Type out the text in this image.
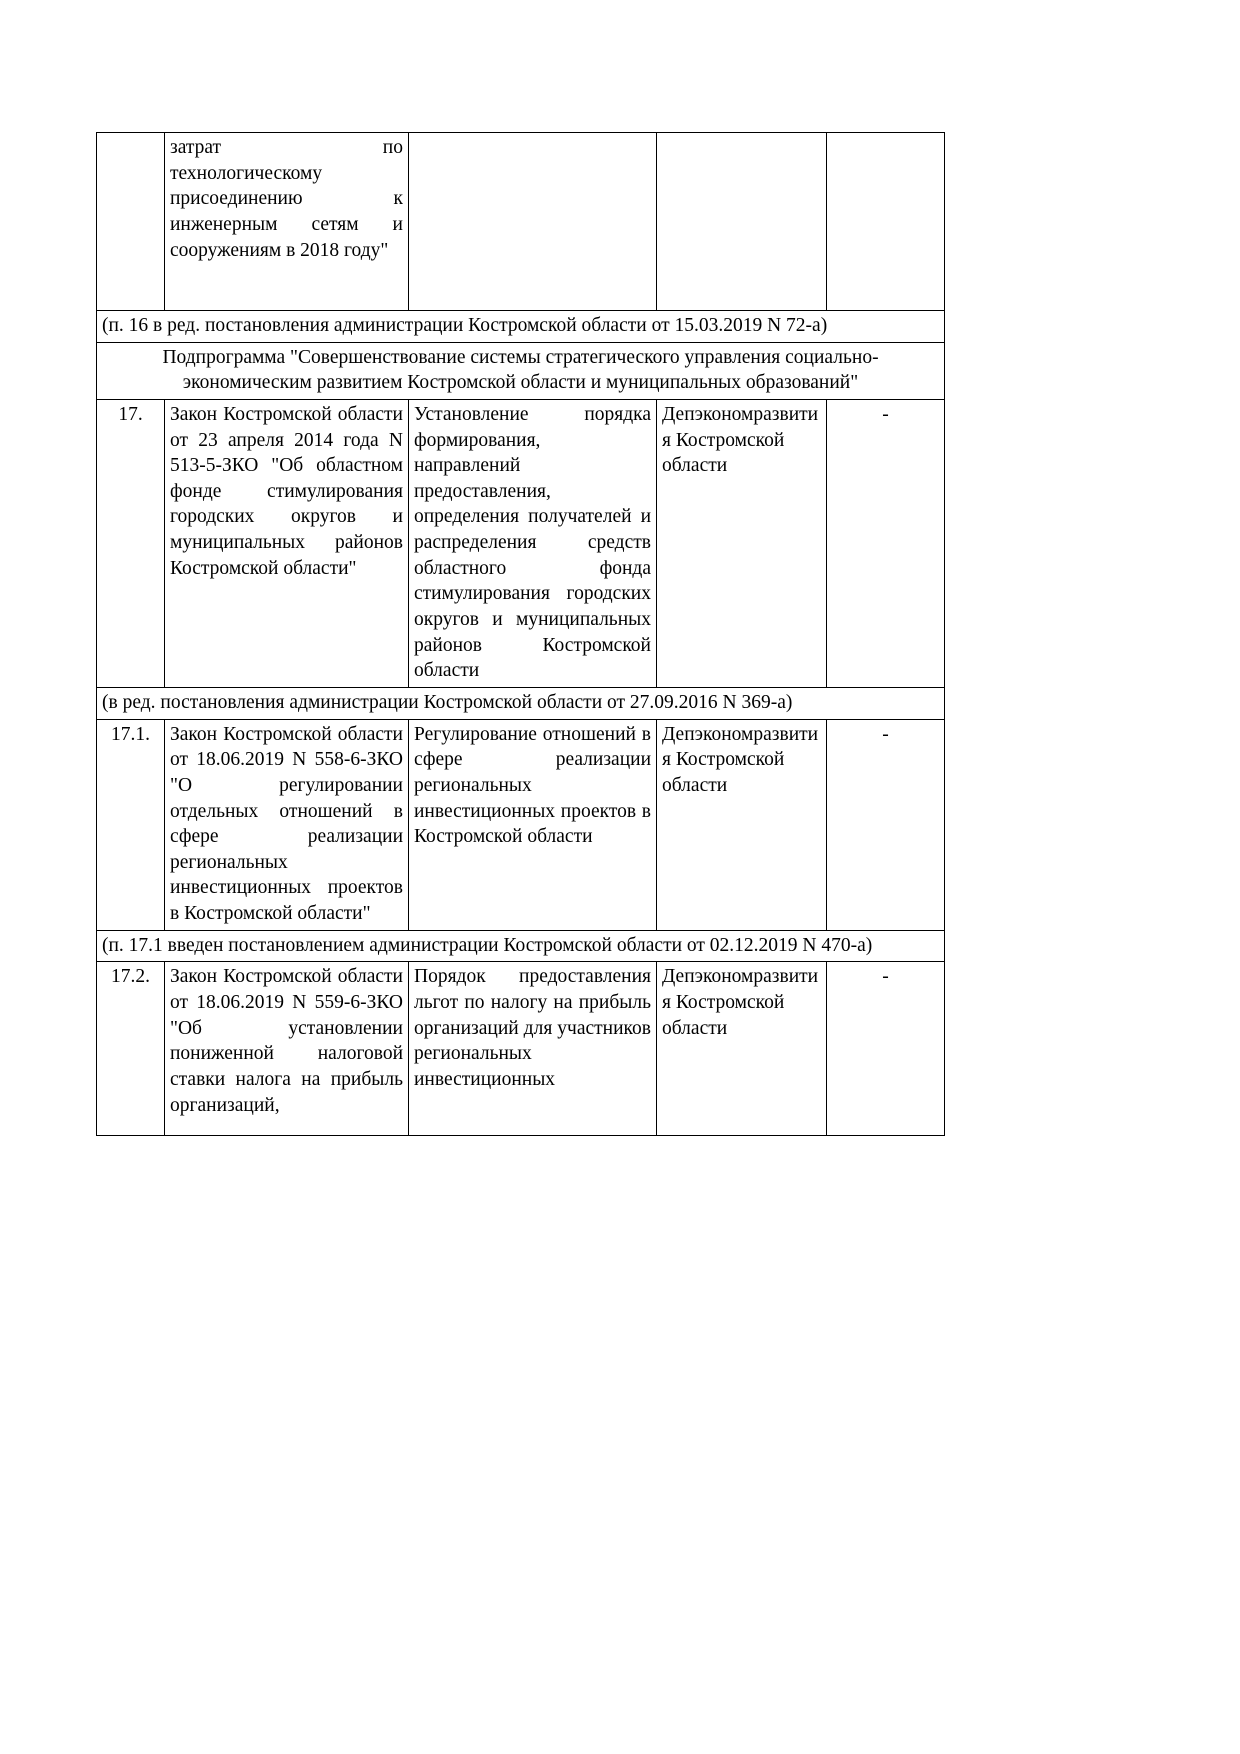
	затрат по технологическому присоединению к инженерным сетям и сооружениям в 2018 году"			
(п. 16 в ред. постановления администрации Костромской области от 15.03.2019 N 72-а)				
Подпрограмма "Совершенствование системы стратегического управления социально-экономическим развитием Костромской области и муниципальных образований"				
17.	Закон Костромской области от 23 апреля 2014 года N 513-5-ЗКО "Об областном фонде стимулирования городских округов и муниципальных районов Костромской области"	Установление порядка формирования, направлений предоставления, определения получателей и распределения средств областного фонда стимулирования городских округов и муниципальных районов Костромской области	Депэкономразвития Костромской области	-
(в ред. постановления администрации Костромской области от 27.09.2016 N 369-а)				
17.1.	Закон Костромской области от 18.06.2019 N 558-6-ЗКО "О регулировании отдельных отношений в сфере реализации региональных инвестиционных проектов в Костромской области"	Регулирование отношений в сфере реализации региональных инвестиционных проектов в Костромской области	Депэкономразвития Костромской области	-
(п. 17.1 введен постановлением администрации Костромской области от 02.12.2019 N 470-а)				
17.2.	Закон Костромской области от 18.06.2019 N 559-6-ЗКО "Об установлении пониженной налоговой ставки налога на прибыль организаций,	Порядок предоставления льгот по налогу на прибыль организаций для участников региональных инвестиционных	Депэкономразвития Костромской области	-
